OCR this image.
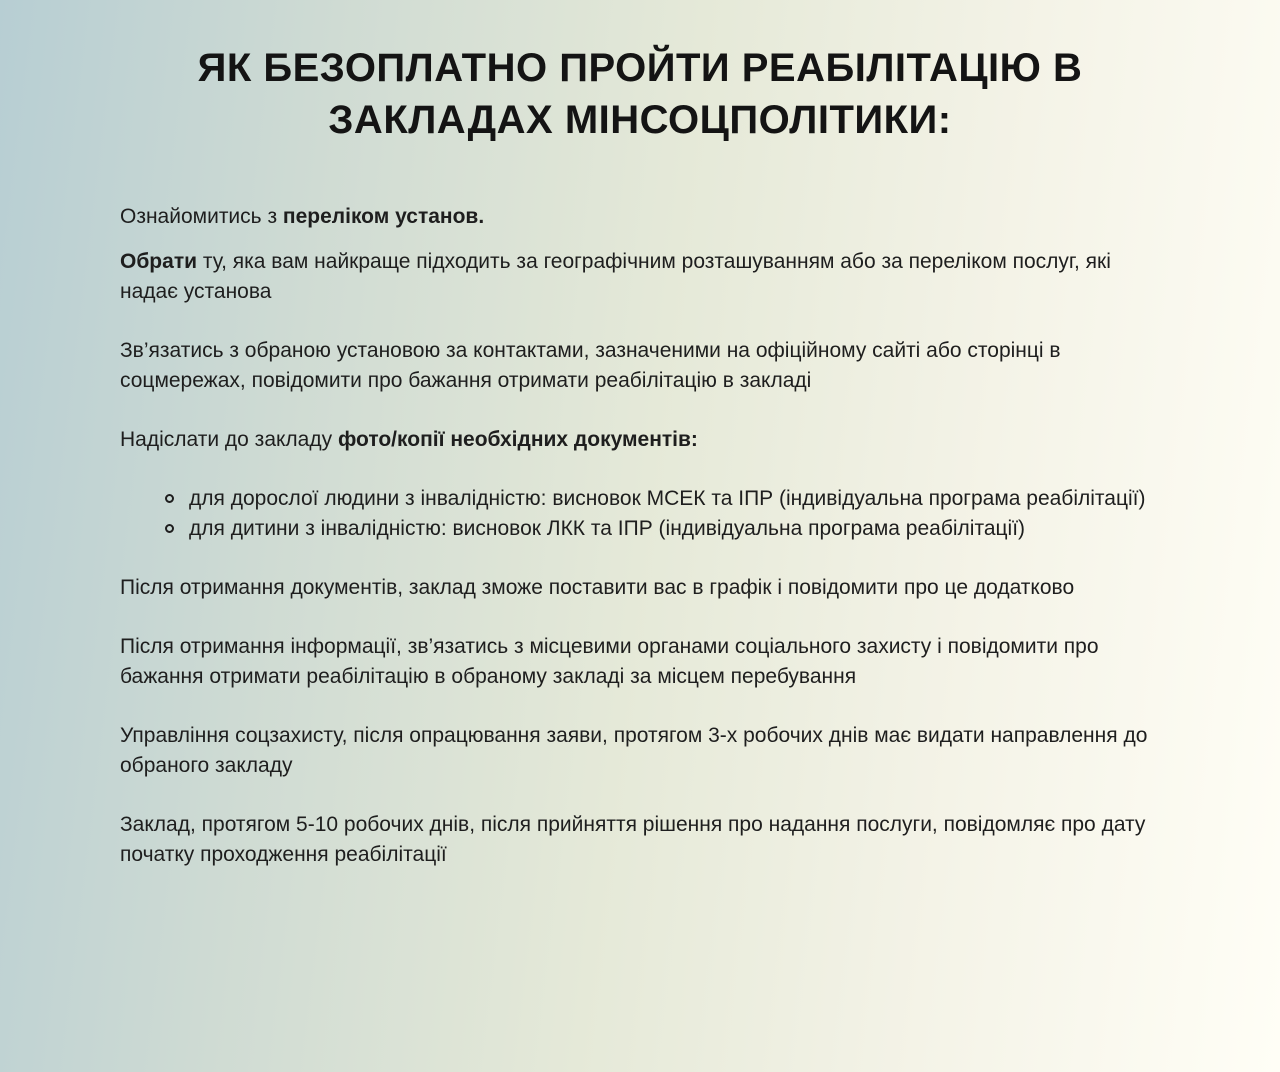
ЯК БЕЗОПЛАТНО ПРОЙТИ РЕАБІЛІТАЦІЮ В
ЗАКЛАДАХ МІНСОЦПОЛІТИКИ:

Ознайомитись з переліком установ.

Обрати ту, яка вам найкраще підходить за географічним розташуванням або за переліком послуг, які надає установа

Зв’язатись з обраною установою за контактами, зазначеними на офіційному сайті або сторінці в соцмережах, повідомити про бажання отримати реабілітацію в закладі

Надіслати до закладу фото/копії необхідних документів:

для дорослої людини з інвалідністю: висновок МСЕК та ІПР (індивідуальна програма реабілітації)
для дитини з інвалідністю: висновок ЛКК та ІПР (індивідуальна програма реабілітації)

Після отримання документів, заклад зможе поставити вас в графік і повідомити про це додатково

Після отримання інформації, зв’язатись з місцевими органами соціального захисту і повідомити про бажання отримати реабілітацію в обраному закладі за місцем перебування

Управління соцзахисту, після опрацювання заяви, протягом 3-х робочих днів має видати направлення до обраного закладу

Заклад, протягом 5-10 робочих днів, після прийняття рішення про надання послуги, повідомляє про дату початку проходження реабілітації
